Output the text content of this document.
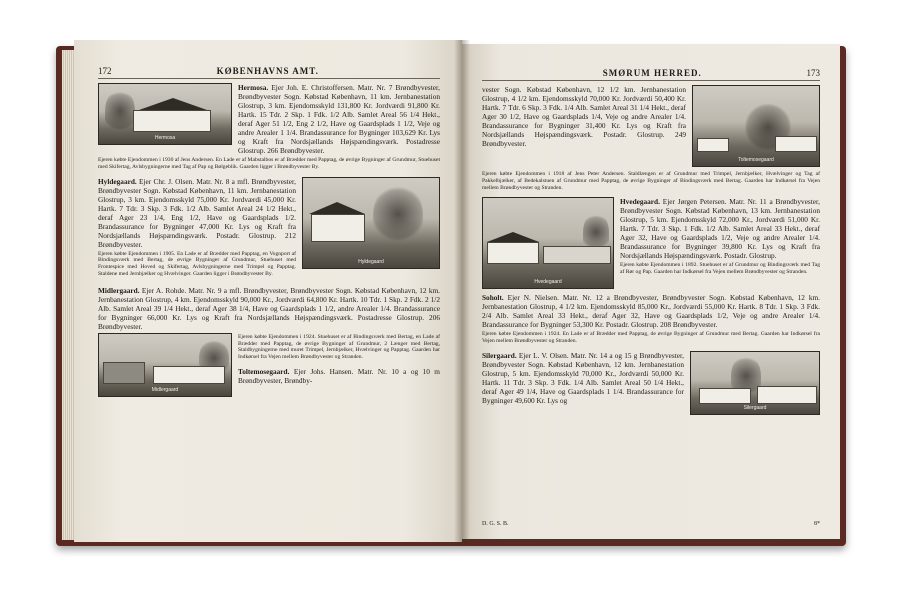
172	KØBENHAVNS AMT.
Hermosa

Hermosa. Ejer Joh. E. Christoffersen. Matr. Nr. 7 Brøndbyvester, Brøndbyvester Sogn. Købstad København, 11 km. Jernbanestation Glostrup, 3 km. Ejendomsskyld 131,800 Kr. Jordværdi 91,800 Kr. Hartk. 15 Tdr. 2 Skp. 1 Fdk. 1/2 Alb. Samlet Areal 56 1/4 Hekt., deraf Ager 51 1/2, Eng 2 1/2, Have og Gaardsplads 1 1/2, Veje og andre Arealer 1 1/4. Brandassurance for Bygninger 103,629 Kr. Lys og Kraft fra Nordsjællands Højspændingsværk. Postadresse Glostrup. 266 Brøndbyvester.

Ejeren købte Ejendommen i 1930 af Jens Andersen. En Lade er af Mabstalbos er af Brædder med Papptag, de øvrige Bygninger af Grundmur, Stuehuset med Skifertag, Avlsbygningerne med Tag af Pap og Bølgeblik. Gaarden ligger i Brøndbyvester By.

Hyldegaard

Hyldegaard. Ejer Chr. J. Olsen. Matr. Nr. 8 a mfl. Brøndbyvester, Brøndbyvester Sogn. Købstad København, 11 km. Jernbanestation Glostrup, 3 km. Ejendomsskyld 75,000 Kr. Jordværdi 45,000 Kr. Hartk. 7 Tdr. 3 Skp. 3 Fdk. 1/2 Alb. Samlet Areal 24 1/2 Hekt., deraf Ager 23 1/4, Eng 1/2, Have og Gaardsplads 1/2. Brandassurance for Bygninger 47,000 Kr. Lys og Kraft fra Nordsjællands Højspændingsværk. Postadr. Glostrup. 212 Brøndbyvester.

Ejeren købte Ejendommen i 1905. En Lade er af Brædder med Papptag, en Vognport af Bindingsværk med Bertag, de øvrige Bygninger af Grundmur, Stuehuset med Frontespice med Hoved og Skifertag, Avlsbygningerne med Trimpel og Papptag. Staldene med Jernbjælker og Hvælvinger. Gaarden ligger i Brøndbyvester By.

Midlergaard. Ejer A. Rohde. Matr. Nr. 9 a mfl. Brøndbyvester, Brøndbyvester Sogn. Købstad København, 12 km. Jernbanestation Glostrup, 4 km. Ejendomsskyld 90,000 Kr., Jordværdi 64,800 Kr. Hartk. 10 Tdr. 1 Skp. 2 Fdk. 2 1/2 Alb. Samlet Areal 39 1/4 Hekt., deraf Ager 38 1/4, Have og Gaardsplads 1 1/2, andre Arealer 1/4. Brandassurance for Bygninger 66,000 Kr. Lys og Kraft fra Nordsjællands Højspændingsværk. Postadresse Glostrup. 206 Brøndbyvester.

Midlergaard

Ejeren købte Ejendommen i 1924. Stuehuset er af Bindingsværk med Bertag, en Lade af Brædder med Papptag, de øvrige Bygninger af Grundmur, 2 Længer med Bertag, Staldbygningerne med muret Trimpel, Jernbjælker, Hvælvinger og Papptag. Gaarden har Indkørsel fra Vejen mellem Brøndbyvester og Stranden.

Toltemosegaard. Ejer Johs. Hansen. Matr. Nr. 10 a og 10 m Brøndbyvester, Brøndby-

SMØRUM HERRED.	173
Toltemosegaard

vester Sogn. Købstad København, 12 1/2 km. Jernbanestation Glostrup, 4 1/2 km. Ejendomsskyld 70,000 Kr. Jordværdi 50,400 Kr. Hartk. 7 Tdr. 6 Skp. 3 Fdk. 1/4 Alb. Samlet Areal 31 1/4 Hekt., deraf Ager 30 1/2, Have og Gaardsplads 1/4, Veje og andre Arealer 1/4. Brandassurance for Bygninger 31,400 Kr. Lys og Kraft fra Nordsjællands Højspændingsværk. Postadr. Glostrup. 249 Brøndbyvester.

Ejeren købte Ejendommen i 1918 af Jens Peter Andersen. Staldlængen er af Grundmur med Trimpel, Jernbjælker, Hvælvinger og Tag af Pakkelbjælker, af Bedekalstuen af Grundmur med Papptag, de øvrige Bygninger af Bindingsværk med Bertag. Gaarden har Indkørsel fra Vejen mellem Brøndbyvester og Stranden.

Hvedegaard

Hvedegaard. Ejer Jørgen Petersen. Matr. Nr. 11 a Brøndbyvester, Brøndbyvester Sogn. Købstad København, 13 km. Jernbanestation Glostrup, 5 km. Ejendomsskyld 72,000 Kr., Jordværdi 51,000 Kr. Hartk. 7 Tdr. 3 Skp. 1 Fdk. 1/2 Alb. Samlet Areal 33 Hekt., deraf Ager 32, Have og Gaardsplads 1/2, Veje og andre Arealer 1/4. Brandassurance for Bygninger 39,800 Kr. Lys og Kraft fra Nordsjællands Højspændingsværk. Postadr. Glostrup.

Ejeren købte Ejendommen i 1892. Stuehuset er af Grundmur og Bindingsværk med Tag af Rør og Pap. Gaarden har Indkørsel fra Vejen mellem Brøndbyvester og Stranden.

Soholt. Ejer N. Nielsen. Matr. Nr. 12 a Brøndbyvester, Brøndbyvester Sogn. Købstad København, 12 km. Jernbanestation Glostrup, 4 1/2 km. Ejendomsskyld 85,000 Kr., Jordværdi 55,000 Kr. Hartk. 8 Tdr. 1 Skp. 3 Fdk. 2/4 Alb. Samlet Areal 33 Hekt., deraf Ager 32, Have og Gaardsplads 1/2, Veje og andre Arealer 1/4. Brandassurance for Bygninger 53,300 Kr. Postadr. Glostrup. 208 Brøndbyvester.

Ejeren købte Ejendommen i 1924. En Lade er af Brædder med Papptag, de øvrige Bygninger af Grundmur med Bertag. Gaarden har Indkørsel fra Vejen mellem Brøndbyvester og Stranden.

Silergaard

Silergaard. Ejer L. V. Olsen. Matr. Nr. 14 a og 15 g Brøndbyvester, Brøndbyvester Sogn. Købstad København, 12 km. Jernbanestation Glostrup, 5 km. Ejendomsskyld 70,000 Kr., Jordværdi 50,000 Kr. Hartk. 11 Tdr. 3 Skp. 3 Fdk. 1/4 Alb. Samlet Areal 50 1/4 Hekt., deraf Ager 49 1/4, Have og Gaardsplads 1 1/4. Brandassurance for Bygninger 49,600 Kr. Lys og

D. G. S. B.	8*
